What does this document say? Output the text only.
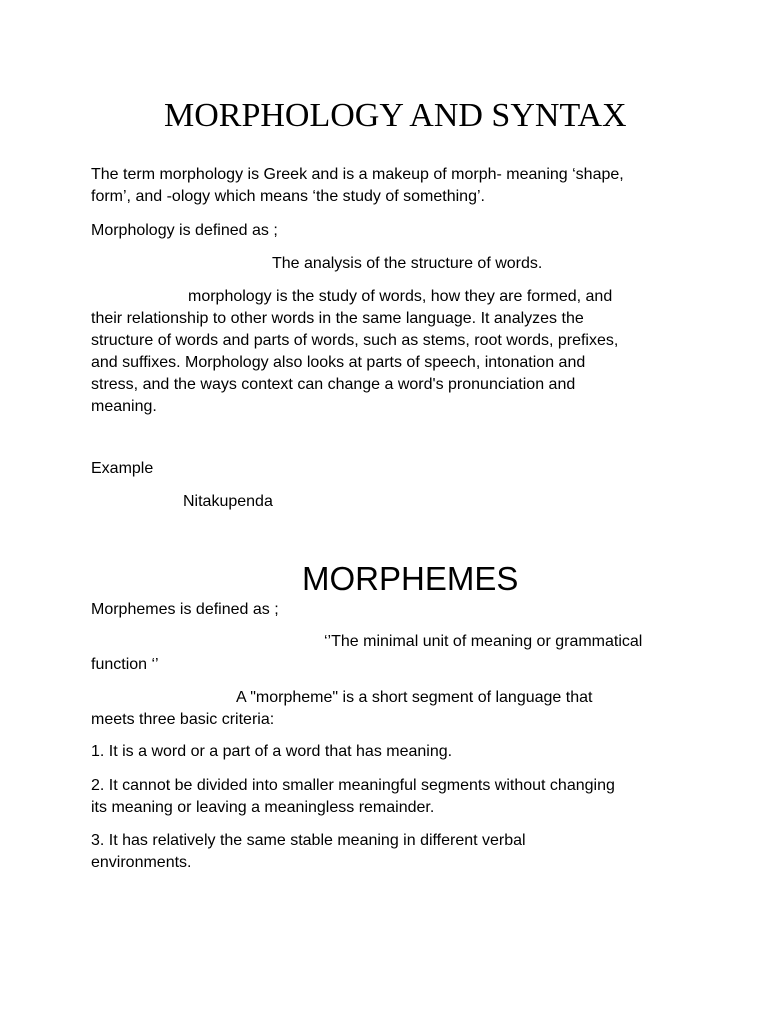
MORPHOLOGY AND SYNTAX
The term morphology is Greek and is a makeup of morph- meaning ‘shape,
form’, and -ology which means ‘the study of something’.
Morphology is defined as ;
The analysis of the structure of words.
morphology is the study of words, how they are formed, and
their relationship to other words in the same language. It analyzes the
structure of words and parts of words, such as stems, root words, prefixes,
and suffixes. Morphology also looks at parts of speech, intonation and
stress, and the ways context can change a word's pronunciation and
meaning.
Example
Nitakupenda
MORPHEMES
Morphemes is defined as ;
‘’The minimal unit of meaning or grammatical
function ‘’
A "morpheme" is a short segment of language that
meets three basic criteria:
1. It is a word or a part of a word that has meaning.
2. It cannot be divided into smaller meaningful segments without changing
its meaning or leaving a meaningless remainder.
3. It has relatively the same stable meaning in different verbal
environments.
